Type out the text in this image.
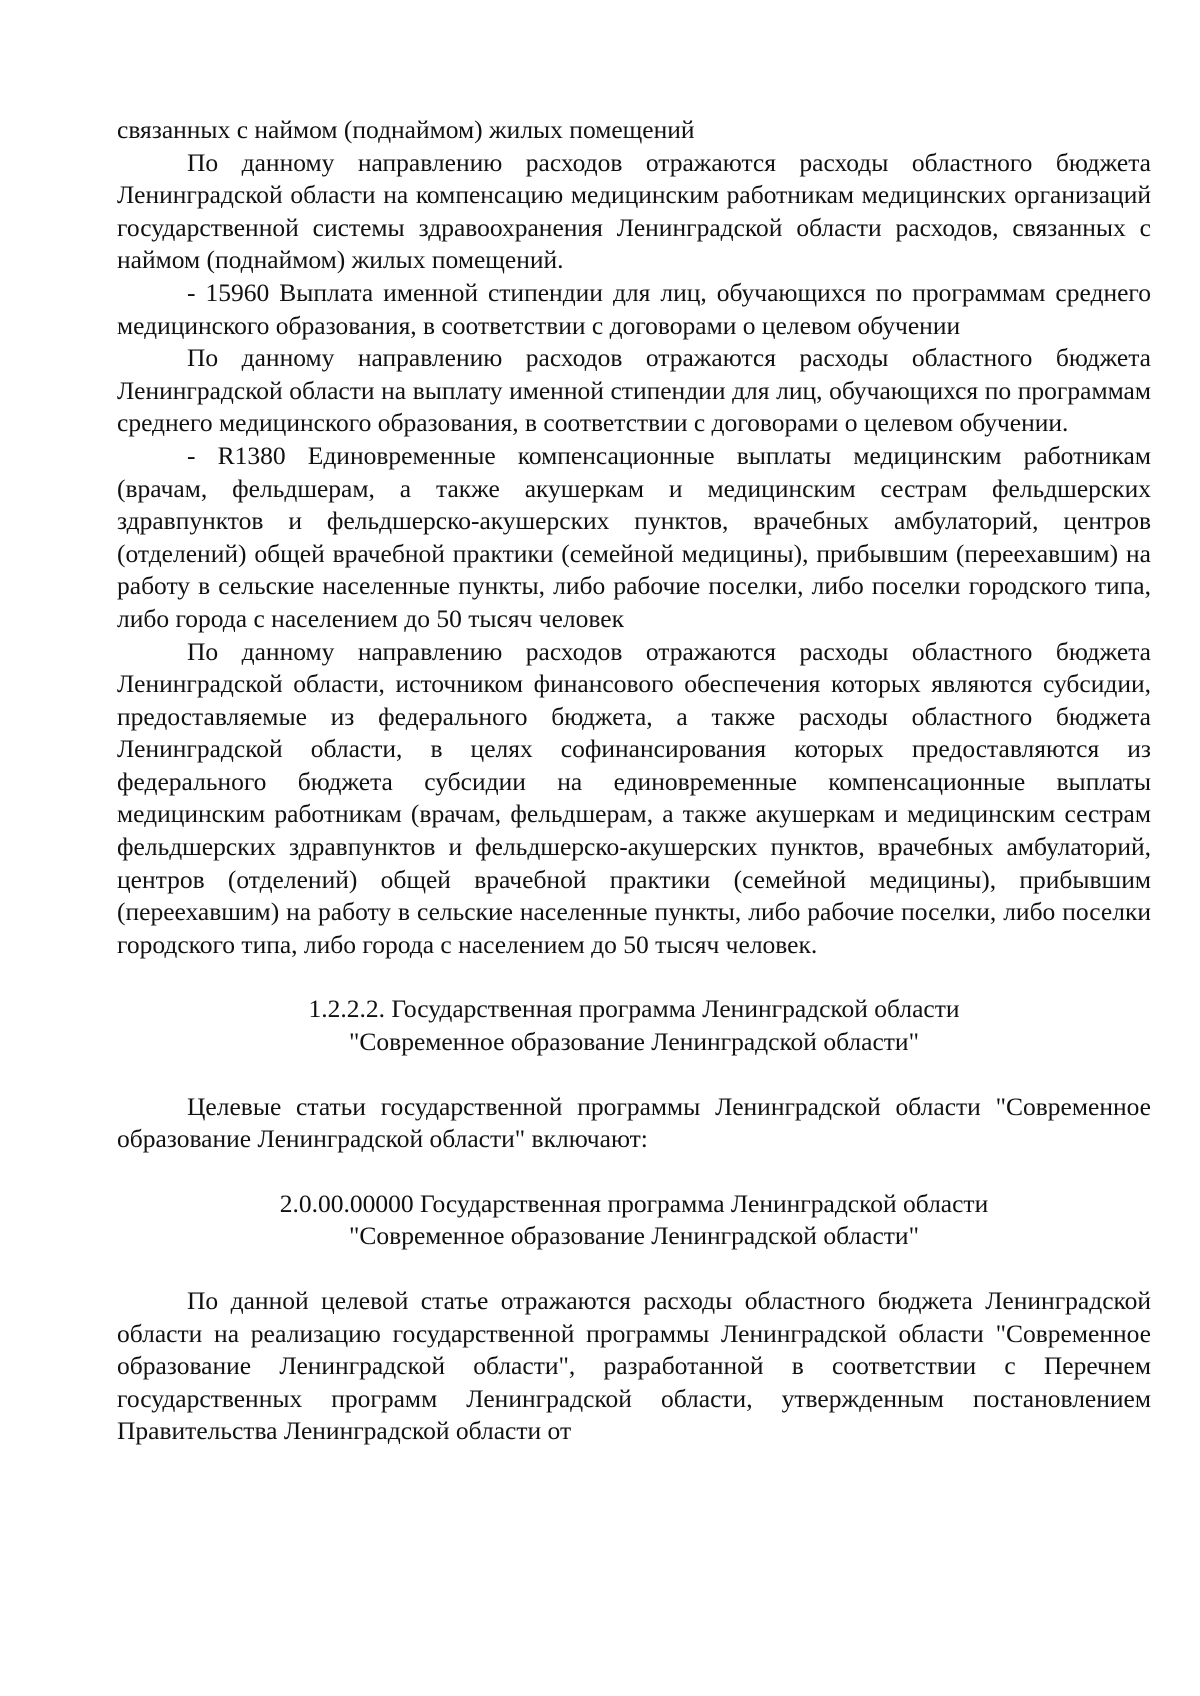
связанных с наймом (поднаймом) жилых помещений

По данному направлению расходов отражаются расходы областного бюджета Ленинградской области на компенсацию медицинским работникам медицинских организаций государственной системы здравоохранения Ленинградской области расходов, связанных с наймом (поднаймом) жилых помещений.

- 15960 Выплата именной стипендии для лиц, обучающихся по программам среднего медицинского образования, в соответствии с договорами о целевом обучении

По данному направлению расходов отражаются расходы областного бюджета Ленинградской области на выплату именной стипендии для лиц, обучающихся по программам среднего медицинского образования, в соответствии с договорами о целевом обучении.

- R1380 Единовременные компенсационные выплаты медицинским работникам (врачам, фельдшерам, а также акушеркам и медицинским сестрам фельдшерских здравпунктов и фельдшерско-акушерских пунктов, врачебных амбулаторий, центров (отделений) общей врачебной практики (семейной медицины), прибывшим (переехавшим) на работу в сельские населенные пункты, либо рабочие поселки, либо поселки городского типа, либо города с населением до 50 тысяч человек

По данному направлению расходов отражаются расходы областного бюджета Ленинградской области, источником финансового обеспечения которых являются субсидии, предоставляемые из федерального бюджета, а также расходы областного бюджета Ленинградской области, в целях софинансирования которых предоставляются из федерального бюджета субсидии на единовременные компенсационные выплаты медицинским работникам (врачам, фельдшерам, а также акушеркам и медицинским сестрам фельдшерских здравпунктов и фельдшерско-акушерских пунктов, врачебных амбулаторий, центров (отделений) общей врачебной практики (семейной медицины), прибывшим (переехавшим) на работу в сельские населенные пункты, либо рабочие поселки, либо поселки городского типа, либо города с населением до 50 тысяч человек.

1.2.2.2. Государственная программа Ленинградской области
"Современное образование Ленинградской области"

Целевые статьи государственной программы Ленинградской области "Современное образование Ленинградской области" включают:

2.0.00.00000 Государственная программа Ленинградской области
"Современное образование Ленинградской области"

По данной целевой статье отражаются расходы областного бюджета Ленинградской области на реализацию государственной программы Ленинградской области "Современное образование Ленинградской области", разработанной в соответствии с Перечнем государственных программ Ленинградской области, утвержденным постановлением Правительства Ленинградской области от
